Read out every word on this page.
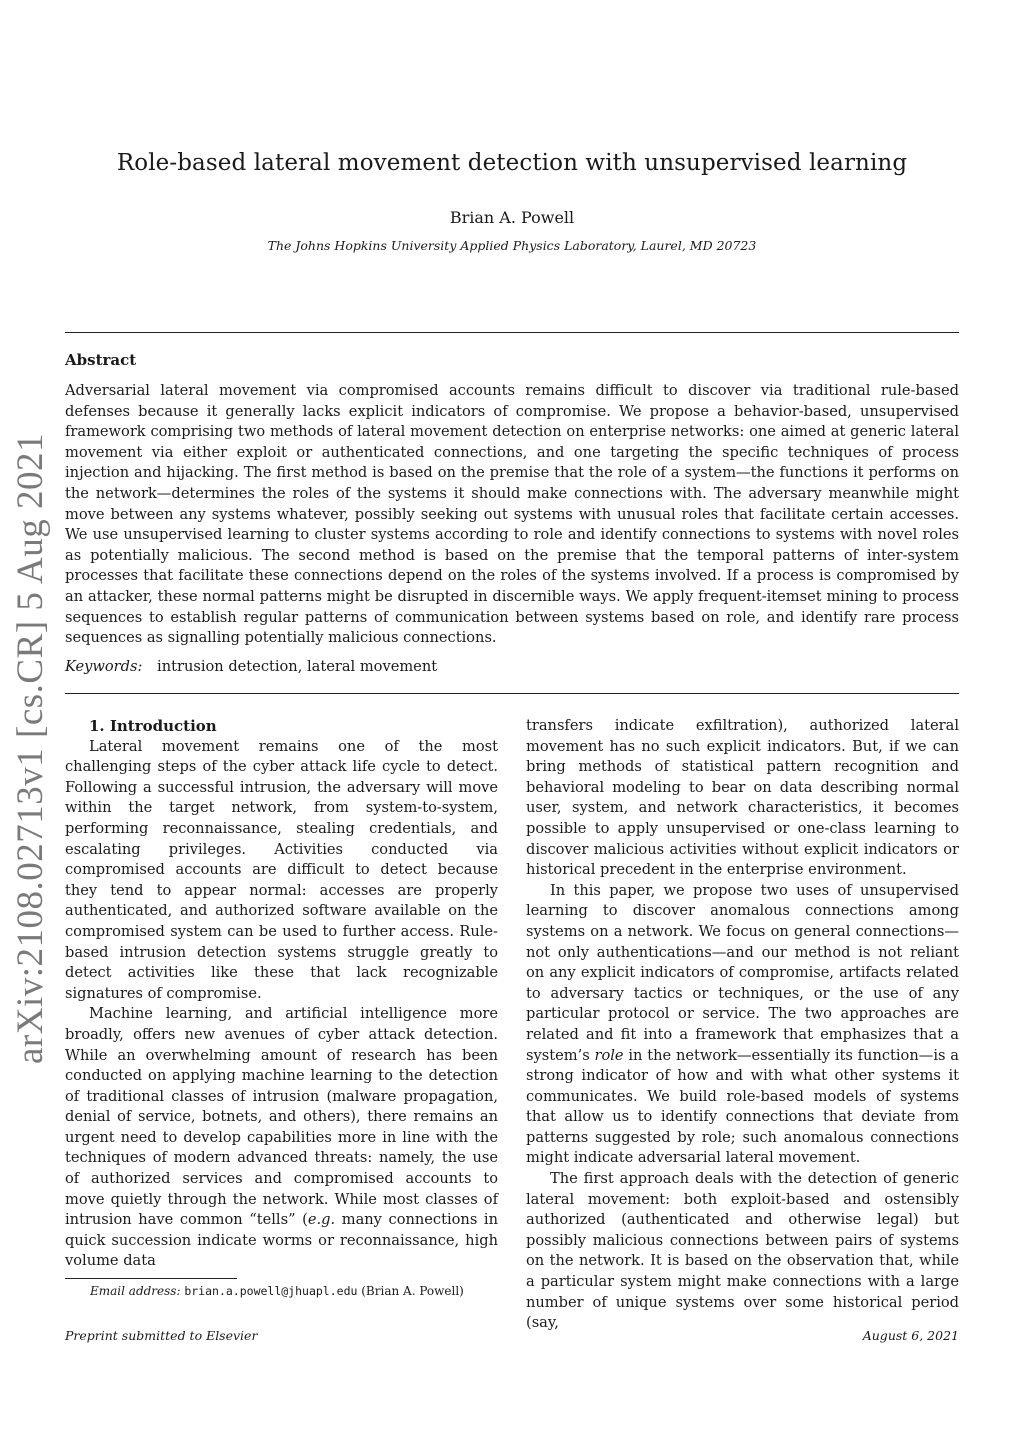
arXiv:2108.02713v1 [cs.CR] 5 Aug 2021
Role-based lateral movement detection with unsupervised learning
Brian A. Powell
The Johns Hopkins University Applied Physics Laboratory, Laurel, MD 20723
Abstract

Adversarial lateral movement via compromised accounts remains difficult to discover via traditional rule-based defenses because it generally lacks explicit indicators of compromise. We propose a behavior-based, unsupervised framework comprising two methods of lateral movement detection on enterprise networks: one aimed at generic lateral movement via either exploit or authenticated connections, and one targeting the specific techniques of process injection and hijacking. The first method is based on the premise that the role of a system—the functions it performs on the network—determines the roles of the systems it should make connections with. The adversary meanwhile might move between any systems whatever, possibly seeking out systems with unusual roles that facilitate certain accesses. We use unsupervised learning to cluster systems according to role and identify connections to systems with novel roles as potentially malicious. The second method is based on the premise that the temporal patterns of inter-system processes that facilitate these connections depend on the roles of the systems involved. If a process is compromised by an attacker, these normal patterns might be disrupted in discernible ways. We apply frequent-itemset mining to process sequences to establish regular patterns of communication between systems based on role, and identify rare process sequences as signalling potentially malicious connections.

Keywords: intrusion detection, lateral movement

1. Introduction

Lateral movement remains one of the most challenging steps of the cyber attack life cycle to detect. Following a successful intrusion, the adversary will move within the target network, from system-to-system, performing reconnaissance, stealing credentials, and escalating privileges. Activities conducted via compromised accounts are difficult to detect because they tend to appear normal: accesses are properly authenticated, and authorized software available on the compromised system can be used to further access. Rule-based intrusion detection systems struggle greatly to detect activities like these that lack recognizable signatures of compromise.

Machine learning, and artificial intelligence more broadly, offers new avenues of cyber attack detection. While an overwhelming amount of research has been conducted on applying machine learning to the detection of traditional classes of intrusion (malware propagation, denial of service, botnets, and others), there remains an urgent need to develop capabilities more in line with the techniques of modern advanced threats: namely, the use of authorized services and compromised accounts to move quietly through the network. While most classes of intrusion have common “tells” (e.g. many connections in quick succession indicate worms or reconnaissance, high volume data

transfers indicate exfiltration), authorized lateral movement has no such explicit indicators. But, if we can bring methods of statistical pattern recognition and behavioral modeling to bear on data describing normal user, system, and network characteristics, it becomes possible to apply unsupervised or one-class learning to discover malicious activities without explicit indicators or historical precedent in the enterprise environment.

In this paper, we propose two uses of unsupervised learning to discover anomalous connections among systems on a network. We focus on general connections—not only authentications—and our method is not reliant on any explicit indicators of compromise, artifacts related to adversary tactics or techniques, or the use of any particular protocol or service. The two approaches are related and fit into a framework that emphasizes that a system’s role in the network—essentially its function—is a strong indicator of how and with what other systems it communicates. We build role-based models of systems that allow us to identify connections that deviate from patterns suggested by role; such anomalous connections might indicate adversarial lateral movement.

The first approach deals with the detection of generic lateral movement: both exploit-based and ostensibly authorized (authenticated and otherwise legal) but possibly malicious connections between pairs of systems on the network. It is based on the observation that, while a particular system might make connections with a large number of unique systems over some historical period (say,

Email address: brian.a.powell@jhuapl.edu (Brian A. Powell)
Preprint submitted to Elsevier	August 6, 2021
